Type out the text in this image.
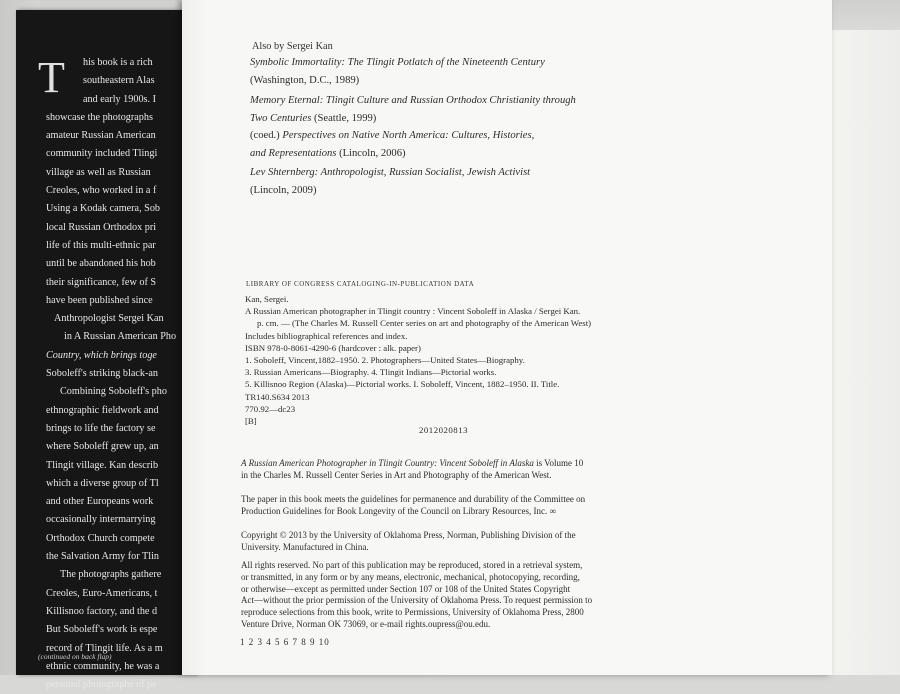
T	his book is a rich
southeastern Alas
and early 1900s. I
showcase the photographs
amateur Russian American
community included Tlingi
village as well as Russian
Creoles, who worked in a f
Using a Kodak camera, Sob
local Russian Orthodox pri
life of this multi-ethnic par
until be abandoned his hob
their significance, few of S
have been published since
Anthropologist Sergei Kan
in A Russian American Pho
Country, which brings toge
Soboleff's striking black-an
Combining Soboleff's pho
ethnographic fieldwork and
brings to life the factory se
where Soboleff grew up, an
Tlingit village. Kan describ
which a diverse group of Tl
and other Europeans work
occasionally intermarrying
Orthodox Church compete
the Salvation Army for Tlin
The photographs gathere
Creoles, Euro-Americans, t
Killisnoo factory, and the d
But Soboleff's work is espe
record of Tlingit life. As a m
ethnic community, he was a
personal photographs of pe
(continued on back flap)
Also by Sergei Kan
Symbolic Immortality: The Tlingit Potlatch of the Nineteenth Century
(Washington, D.C., 1989)
Memory Eternal: Tlingit Culture and Russian Orthodox Christianity through
Two Centuries (Seattle, 1999)
(coed.) Perspectives on Native North America: Cultures, Histories,
and Representations (Lincoln, 2006)
Lev Shternberg: Anthropologist, Russian Socialist, Jewish Activist
(Lincoln, 2009)
LIBRARY OF CONGRESS CATALOGING-IN-PUBLICATION DATA
Kan, Sergei.
A Russian American photographer in Tlingit country : Vincent Soboleff in Alaska / Sergei Kan.
p. cm. — (The Charles M. Russell Center series on art and photography of the American West)
Includes bibliographical references and index.
ISBN 978-0-8061-4290-6 (hardcover : alk. paper)
1. Soboleff, Vincent,1882–1950. 2. Photographers—United States—Biography.
3. Russian Americans—Biography. 4. Tlingit Indians—Pictorial works.
5. Killisnoo Region (Alaska)—Pictorial works. I. Soboleff, Vincent, 1882–1950. II. Title.
TR140.S634 2013
770.92—dc23
[B]
2012020813
A Russian American Photographer in Tlingit Country: Vincent Soboleff in Alaska is Volume 10
in the Charles M. Russell Center Series in Art and Photography of the American West.
The paper in this book meets the guidelines for permanence and durability of the Committee on
Production Guidelines for Book Longevity of the Council on Library Resources, Inc. ∞
Copyright © 2013 by the University of Oklahoma Press, Norman, Publishing Division of the
University. Manufactured in China.
All rights reserved. No part of this publication may be reproduced, stored in a retrieval system,
or transmitted, in any form or by any means, electronic, mechanical, photocopying, recording,
or otherwise—except as permitted under Section 107 or 108 of the United States Copyright
Act—without the prior permission of the University of Oklahoma Press. To request permission to
reproduce selections from this book, write to Permissions, University of Oklahoma Press, 2800
Venture Drive, Norman OK 73069, or e-mail rights.oupress@ou.edu.
1 2 3 4 5 6 7 8 9 10
